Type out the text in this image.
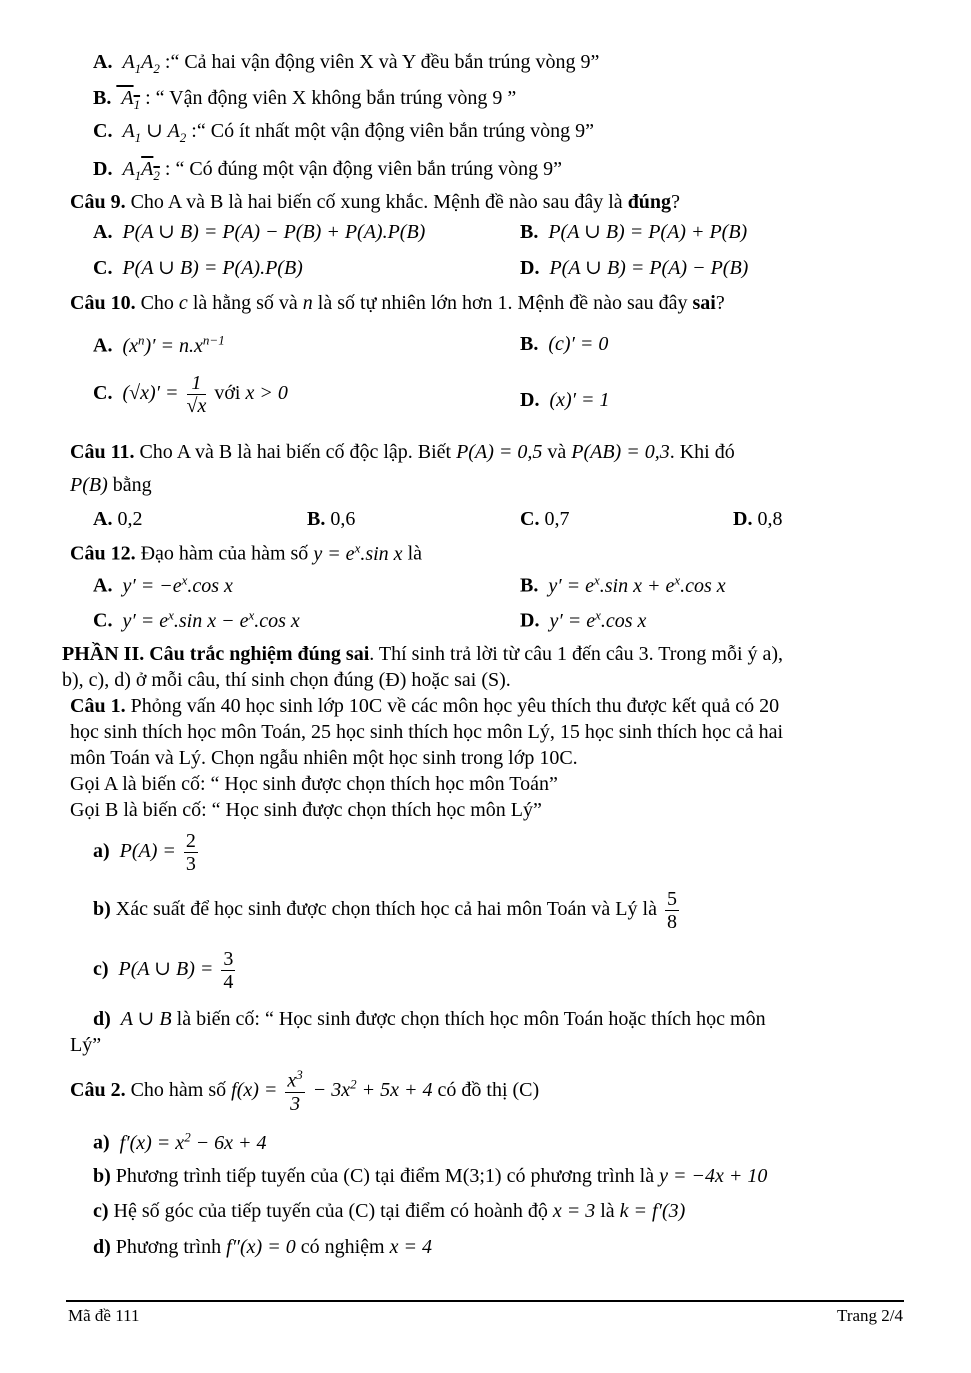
A.  $A_1A_2$ :“ Cả hai vận động viên X và Y đều bắn trúng vòng 9”
B.  $A_1$ : “ Vận động viên X không bắn trúng vòng 9 ”
C.  $A_1$ ∪ $A_2$ :“ Có ít nhất một vận động viên bắn trúng vòng 9”
D.  $A_1A_2$ : “ Có đúng một vận động viên bắn trúng vòng 9”
Câu 9. Cho A và B là hai biến cố xung khắc. Mệnh đề nào sau đây là đúng?
A.  P(A ∪ B) = P(A) − P(B) + P(A).P(B)	B.  P(A ∪ B) = P(A) + P(B)
C.  P(A ∪ B) = P(A).P(B)	D.  P(A ∪ B) = P(A) − P(B)
Câu 10. Cho c là hằng số và n là số tự nhiên lớn hơn 1. Mệnh đề nào sau đây sai?
A.  $(x^n)' = n.x^{n-1}$	B.  (c)′ = 0
C.  $(√x)' = \frac{1}{√x}$ với x > 0	D.  (x)′ = 1
Câu 11. Cho A và B là hai biến cố độc lập. Biết P(A) = 0,5 và P(AB) = 0,3. Khi đó
P(B) bằng
A. 0,2	B. 0,6	C. 0,7	D. 0,8
Câu 12. Đạo hàm của hàm số $y = e^x.\sin$ x là
A.  $y' = -e^x.\cos$ x	B.  $y' = e^x.\sin$ $x + e^x.\cos$ x
C.  $y' = e^x.\sin$ $x - e^x.\cos$ x	D.  $y' = e^x.\cos$ x
PHẦN II. Câu trắc nghiệm đúng sai. Thí sinh trả lời từ câu 1 đến câu 3. Trong mỗi ý a),
b), c), d) ở mỗi câu, thí sinh chọn đúng (Đ) hoặc sai (S).
Câu 1. Phỏng vấn 40 học sinh lớp 10C về các môn học yêu thích thu được kết quả có 20
học sinh thích học môn Toán, 25 học sinh thích học môn Lý, 15 học sinh thích học cả hai
môn Toán và Lý. Chọn ngẫu nhiên một học sinh trong lớp 10C.
Gọi A là biến cố: “ Học sinh được chọn thích học môn Toán”
Gọi B là biến cố: “ Học sinh được chọn thích học môn Lý”
a)  $P(A) = \frac{2}{3}$
b) Xác suất để học sinh được chọn thích học cả hai môn Toán và Lý là $\frac{5}{8}$
c)  P(A ∪ $B) = \frac{3}{4}$
d)  A ∪ B là biến cố: “ Học sinh được chọn thích học môn Toán hoặc thích học môn
Lý”
Câu 2. Cho hàm số $f(x) = \frac{x^3}{3} - 3x^2 + 5x + 4$ có đồ thị (C)
a)  $f'(x) = x^2 - 6x + 4$
b) Phương trình tiếp tuyến của (C) tại điểm M(3;1) có phương trình là y = −4x + 10
c) Hệ số góc của tiếp tuyến của (C) tại điểm có hoành độ x = 3 là k = f′(3)
d) Phương trình f″(x) = 0 có nghiệm x = 4
Mã đề 111	Trang 2/4
